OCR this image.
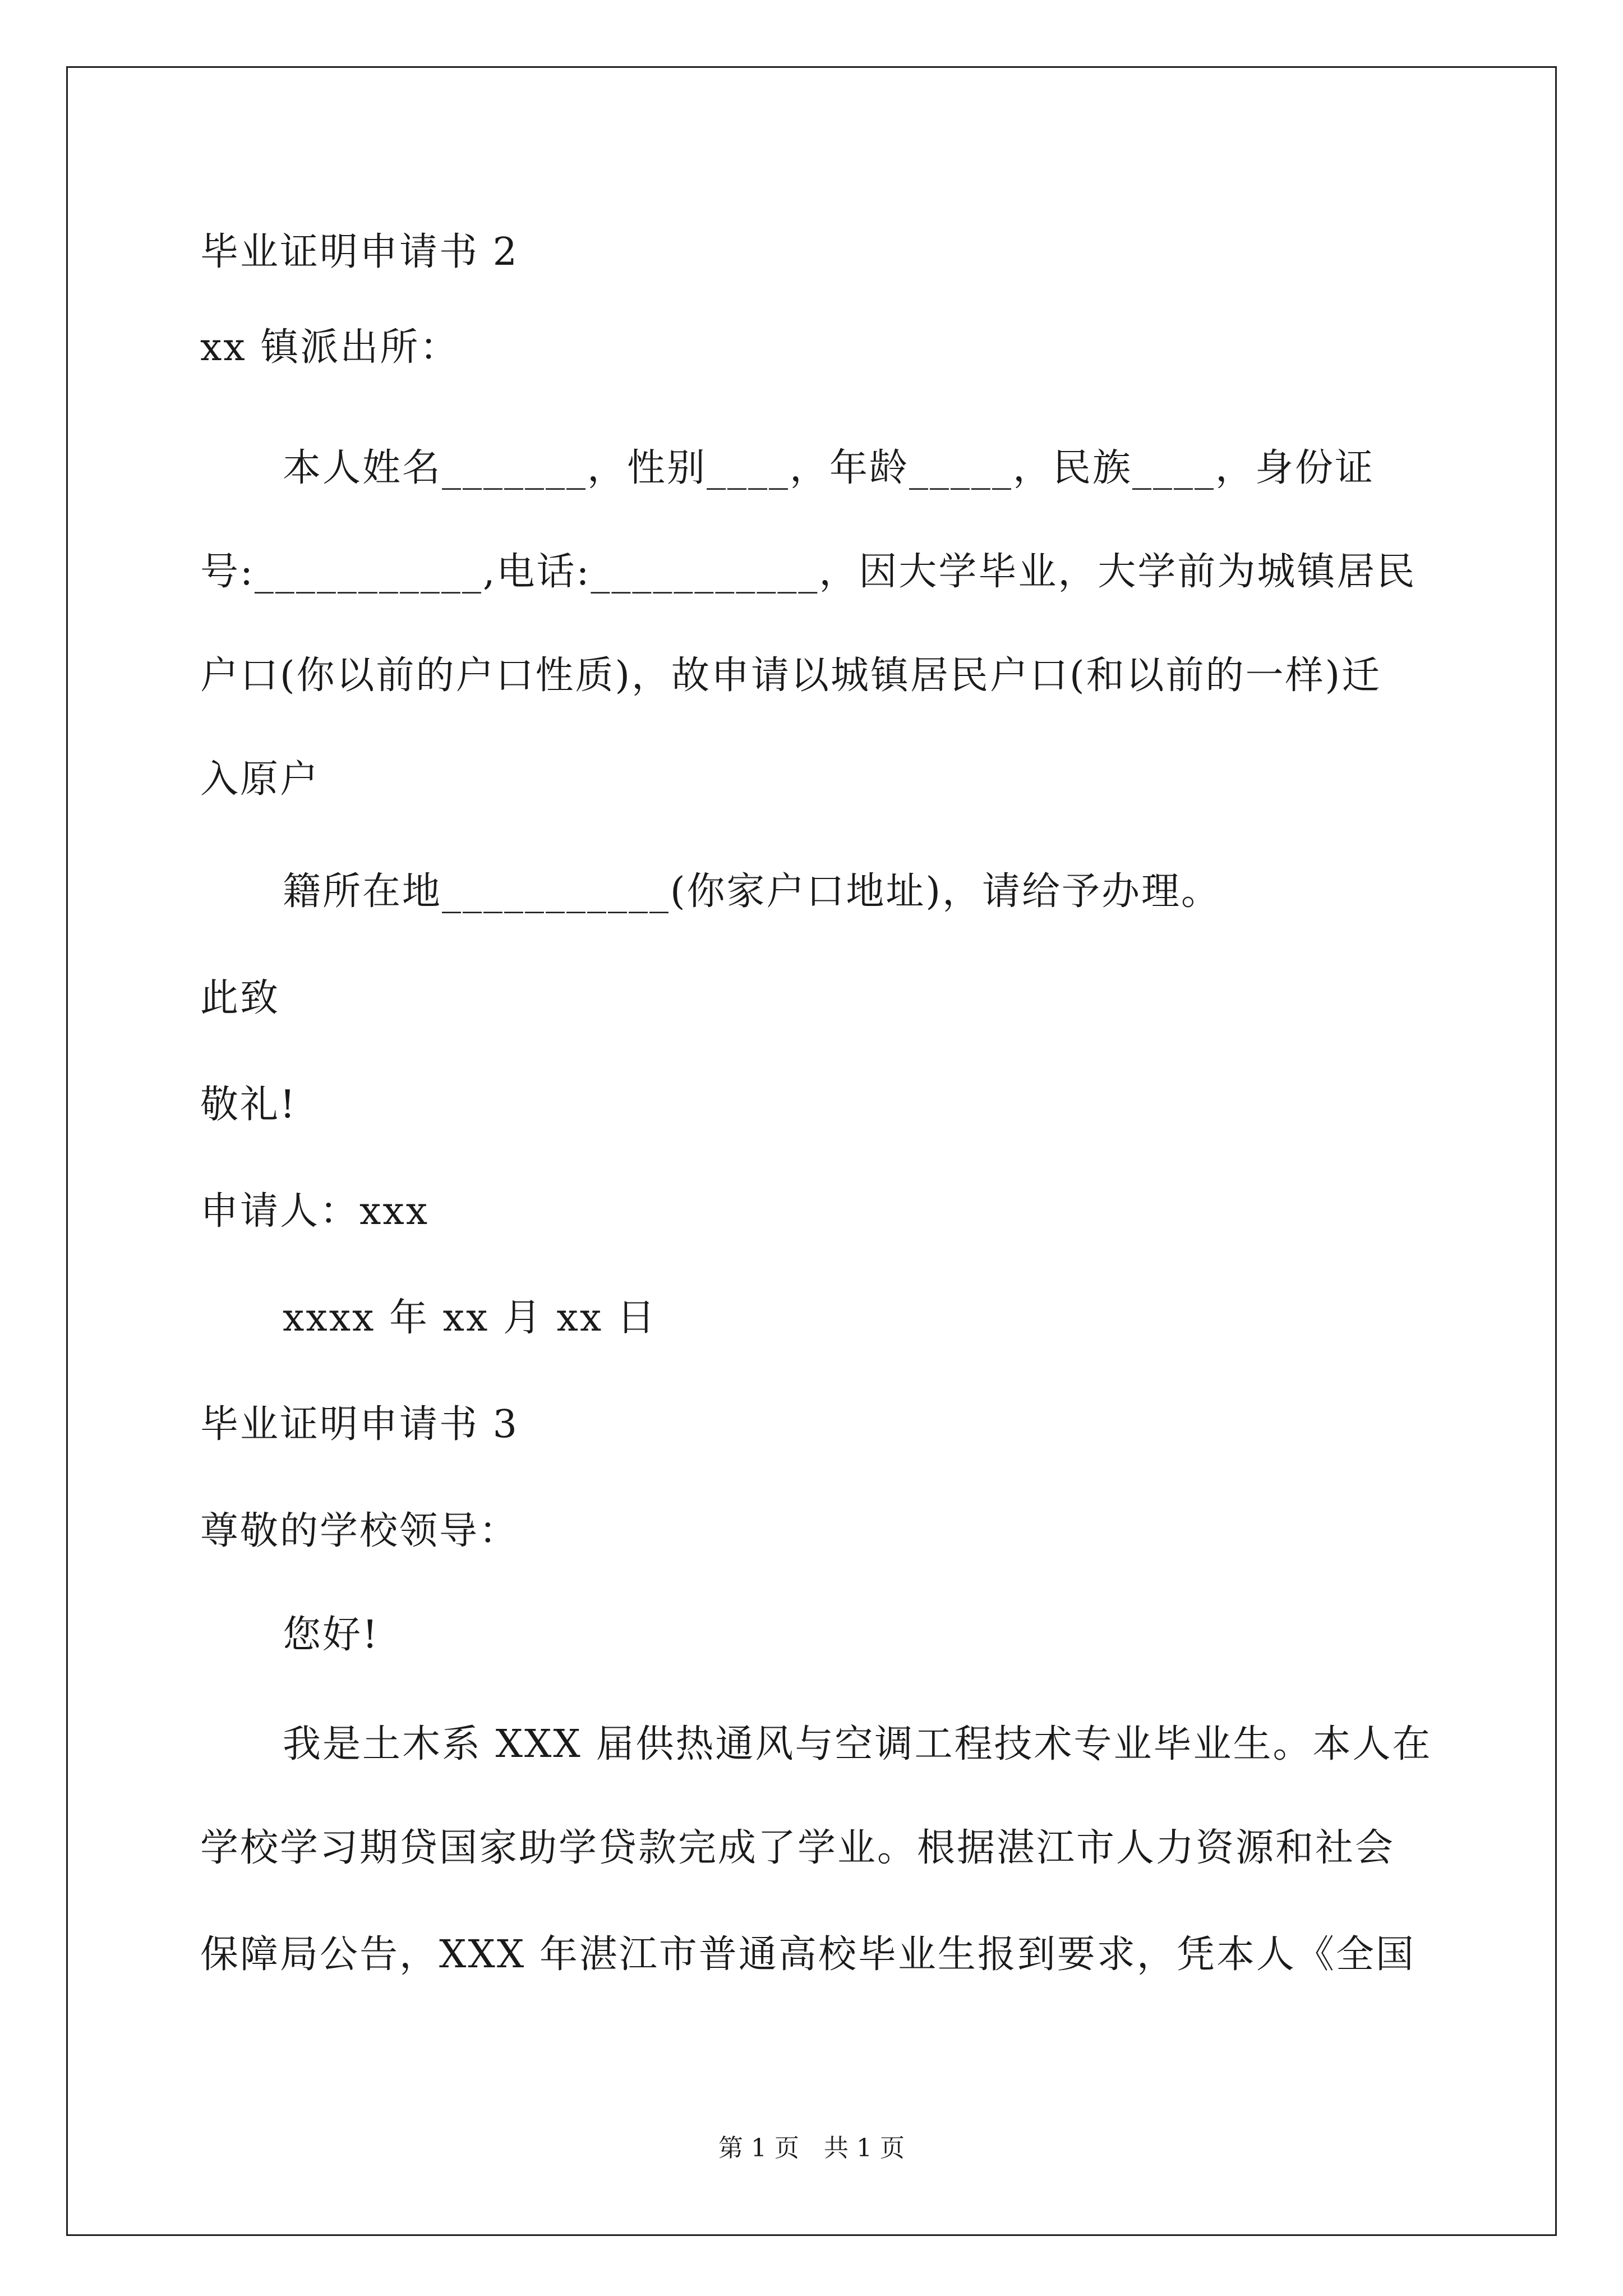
毕业证明申请书 2
xx 镇派出所：
本人姓名_______，性别____，年龄_____，民族____，身份证
号:___________,电话:___________，因大学毕业，大学前为城镇居民
户口(你以前的户口性质)，故申请以城镇居民户口(和以前的一样)迁
入原户
籍所在地___________(你家户口地址)，请给予办理。
此致
敬礼!
申请人：xxx
xxxx 年 xx 月 xx 日
毕业证明申请书 3
尊敬的学校领导：
您好!
我是土木系 XXX 届供热通风与空调工程技术专业毕业生。本人在
学校学习期贷国家助学贷款完成了学业。根据湛江市人力资源和社会
保障局公告，XXX 年湛江市普通高校毕业生报到要求，凭本人《全国
第 1 页　共 1 页
